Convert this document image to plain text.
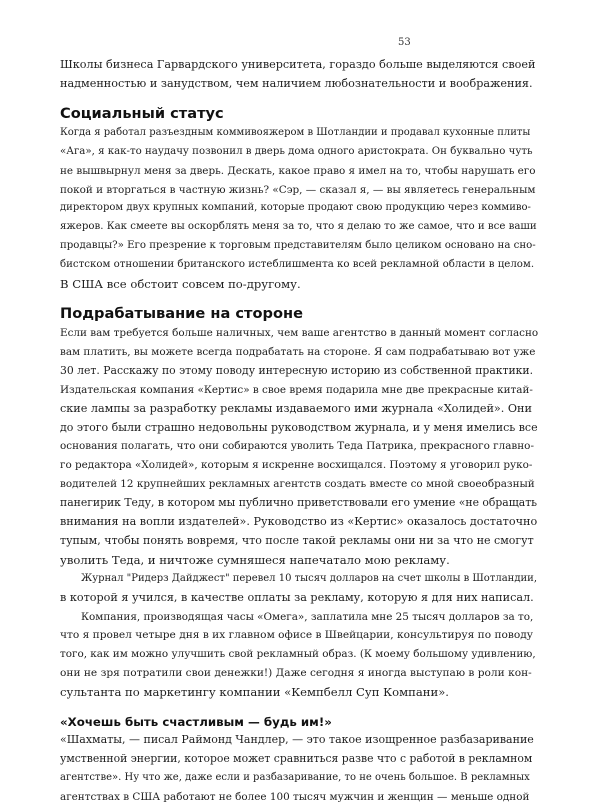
53
Школы бизнеса Гарвардского университета, гораздо больше выделяются своей
надменностью и занудством, чем наличием любознательности и воображения.
Социальный статус
Когда я работал разъездным коммивояжером в Шотландии и продавал кухонные плиты
«Ага», я как-то наудачу позвонил в дверь дома одного аристократа. Он буквально чуть
не вышвырнул меня за дверь. Дескать, какое право я имел на то, чтобы нарушать его
покой и вторгаться в частную жизнь? «Сэр, — сказал я, — вы являетесь генеральным
директором двух крупных компаний, которые продают свою продукцию через коммиво-
яжеров. Как смеете вы оскорблять меня за то, что я делаю то же самое, что и все ваши
продавцы?» Его презрение к торговым представителям было целиком основано на сно-
бистском отношении британского истеблишмента ко всей рекламной области в целом.
В США все обстоит совсем по-другому.
Подрабатывание на стороне
Если вам требуется больше наличных, чем ваше агентство в данный момент согласно
вам платить, вы можете всегда подрабатать на стороне. Я сам подрабатываю вот уже
30 лет. Расскажу по этому поводу интересную историю из собственной практики.
Издательская компания «Кертис» в свое время подарила мне две прекрасные китай-
ские лампы за разработку рекламы издаваемого ими журнала «Холидей». Они
до этого были страшно недовольны руководством журнала, и у меня имелись все
основания полагать, что они собираются уволить Теда Патрика, прекрасного главно-
го редактора «Холидей», которым я искренне восхищался. Поэтому я уговорил руко-
водителей 12 крупнейших рекламных агентств создать вместе со мной своеобразный
панегирик Теду, в котором мы публично приветствовали его умение «не обращать
внимания на вопли издателей». Руководство из «Кертис» оказалось достаточно
тупым, чтобы понять вовремя, что после такой рекламы они ни за что не смогут
уволить Теда, и ничтоже сумняшеся напечатало мою рекламу.
Журнал "Ридерз Дайджест" перевел 10 тысяч долларов на счет школы в Шотландии,
в которой я учился, в качестве оплаты за рекламу, которую я для них написал.
Компания, производящая часы «Омега», заплатила мне 25 тысяч долларов за то,
что я провел четыре дня в их главном офисе в Швейцарии, консультируя по поводу
того, как им можно улучшить свой рекламный образ. (К моему большому удивлению,
они не зря потратили свои денежки!) Даже сегодня я иногда выступаю в роли кон-
сультанта по маркетингу компании «Кемпбелл Суп Компани».
«Хочешь быть счастливым — будь им!»
«Шахматы, — писал Раймонд Чандлер, — это такое изощренное разбазаривание
умственной энергии, которое может сравниться разве что с работой в рекламном
агентстве». Ну что же, даже если и разбазаривание, то не очень большое. В рекламных
агентствах в США работают не более 100 тысяч мужчин и женщин — меньше одной
